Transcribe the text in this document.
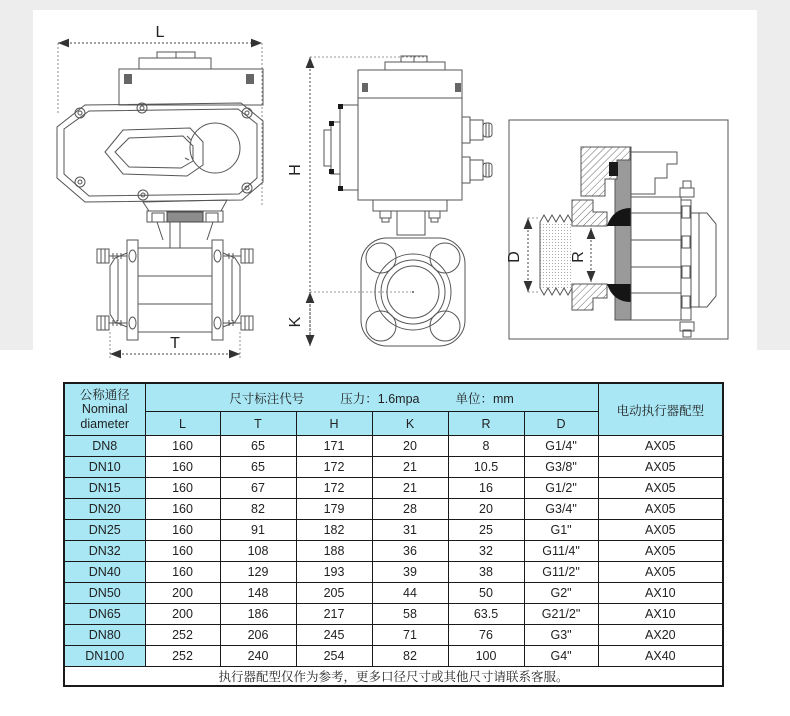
L
T
H
K
D	R
公称通径
Nominal diameter

尺寸标注代号	压力：1.6mpa	单位：mm
	电动执行器配型
	L	T	H	K	R	D	
DN8	160	65	171	20	8	G1/4"	AX05
DN10	160	65	172	21	10.5	G3/8"	AX05
DN15	160	67	172	21	16	G1/2"	AX05
DN20	160	82	179	28	20	G3/4"	AX05
DN25	160	91	182	31	25	G1"	AX05
DN32	160	108	188	36	32	G11/4"	AX05
DN40	160	129	193	39	38	G11/2"	AX05
DN50	200	148	205	44	50	G2"	AX10
DN65	200	186	217	58	63.5	G21/2"	AX10
DN80	252	206	245	71	76	G3"	AX20
DN100	252	240	254	82	100	G4"	AX40
执行器配型仅作为参考，更多口径尺寸或其他尺寸请联系客服。							
